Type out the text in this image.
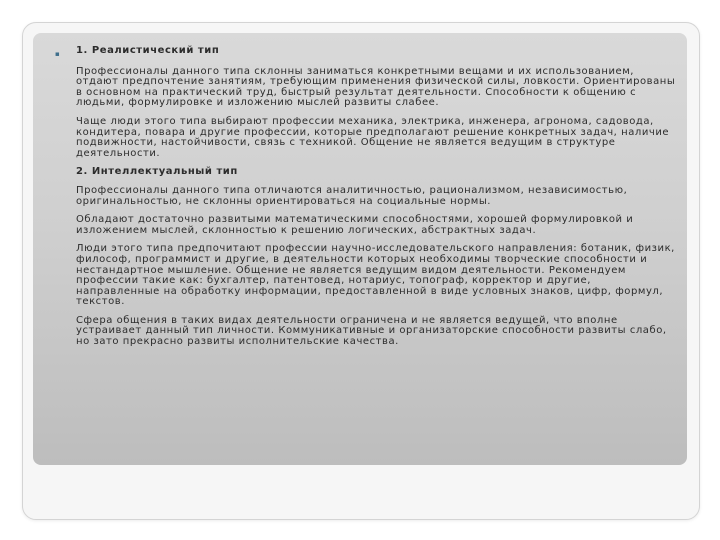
▪ 1. Реалистический тип

Профессионалы данного типа склонны заниматься конкретными вещами и их использованием, отдают предпочтение занятиям, требующим применения физической силы, ловкости. Ориентированы в основном на практический труд, быстрый результат деятельности. Способности к общению с людьми, формулировке и изложению мыслей развиты слабее.

Чаще люди этого типа выбирают профессии механика, электрика, инженера, агронома, садовода, кондитера, повара и другие профессии, которые предполагают решение конкретных задач, наличие подвижности, настойчивости, связь с техникой. Общение не является ведущим в структуре деятельности.

2. Интеллектуальный тип

Профессионалы данного типа отличаются аналитичностью, рационализмом, независимостью, оригинальностью, не склонны ориентироваться на социальные нормы.

Обладают достаточно развитыми математическими способностями, хорошей формулировкой и изложением мыслей, склонностью к решению логических, абстрактных задач.

Люди этого типа предпочитают профессии научно-исследовательского направления: ботаник, физик, философ, программист и другие, в деятельности которых необходимы творческие способности и нестандартное мышление. Общение не является ведущим видом деятельности. Рекомендуем профессии такие как: бухгалтер, патентовед, нотариус, топограф, корректор и другие, направленные на обработку информации, предоставленной в виде условных знаков, цифр, формул, текстов.

Сфера общения в таких видах деятельности ограничена и не является ведущей, что вполне устраивает данный тип личности. Коммуникативные и организаторские способности развиты слабо, но зато прекрасно развиты исполнительские качества.
